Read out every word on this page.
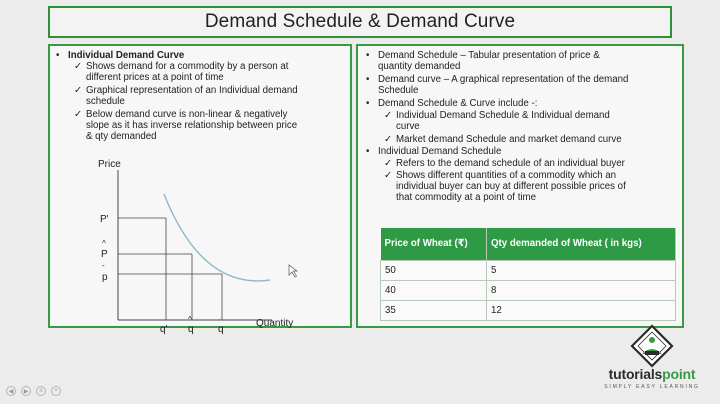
Demand Schedule & Demand Curve
• Individual Demand Curve
✓ Shows demand for a commodity by a person at
different prices at a point of time
✓ Graphical representation of an Individual demand
schedule
✓ Below demand curve is non-linear & negatively
slope as it has inverse relationship between price
& qty demanded
Price
P'
^
P
-
p
q'
^
q
-
q
Quantity
• Demand Schedule – Tabular presentation of price &
quantity demanded
• Demand curve – A graphical representation of the demand
Schedule
• Demand Schedule & Curve include -:
✓ Individual Demand Schedule & Individual demand
curve
✓ Market demand Schedule and market demand curve
• Individual Demand Schedule
✓ Refers to the demand schedule of an individual buyer
✓ Shows different quantities of a commodity which an
individual buyer can buy at different possible prices of
that commodity at a point of time
Price of Wheat (₹)	Qty demanded of Wheat ( in kgs)
50	5
40	8
35	12
tutorialspoint
SIMPLY EASY LEARNING
◀	▶	≡	+
